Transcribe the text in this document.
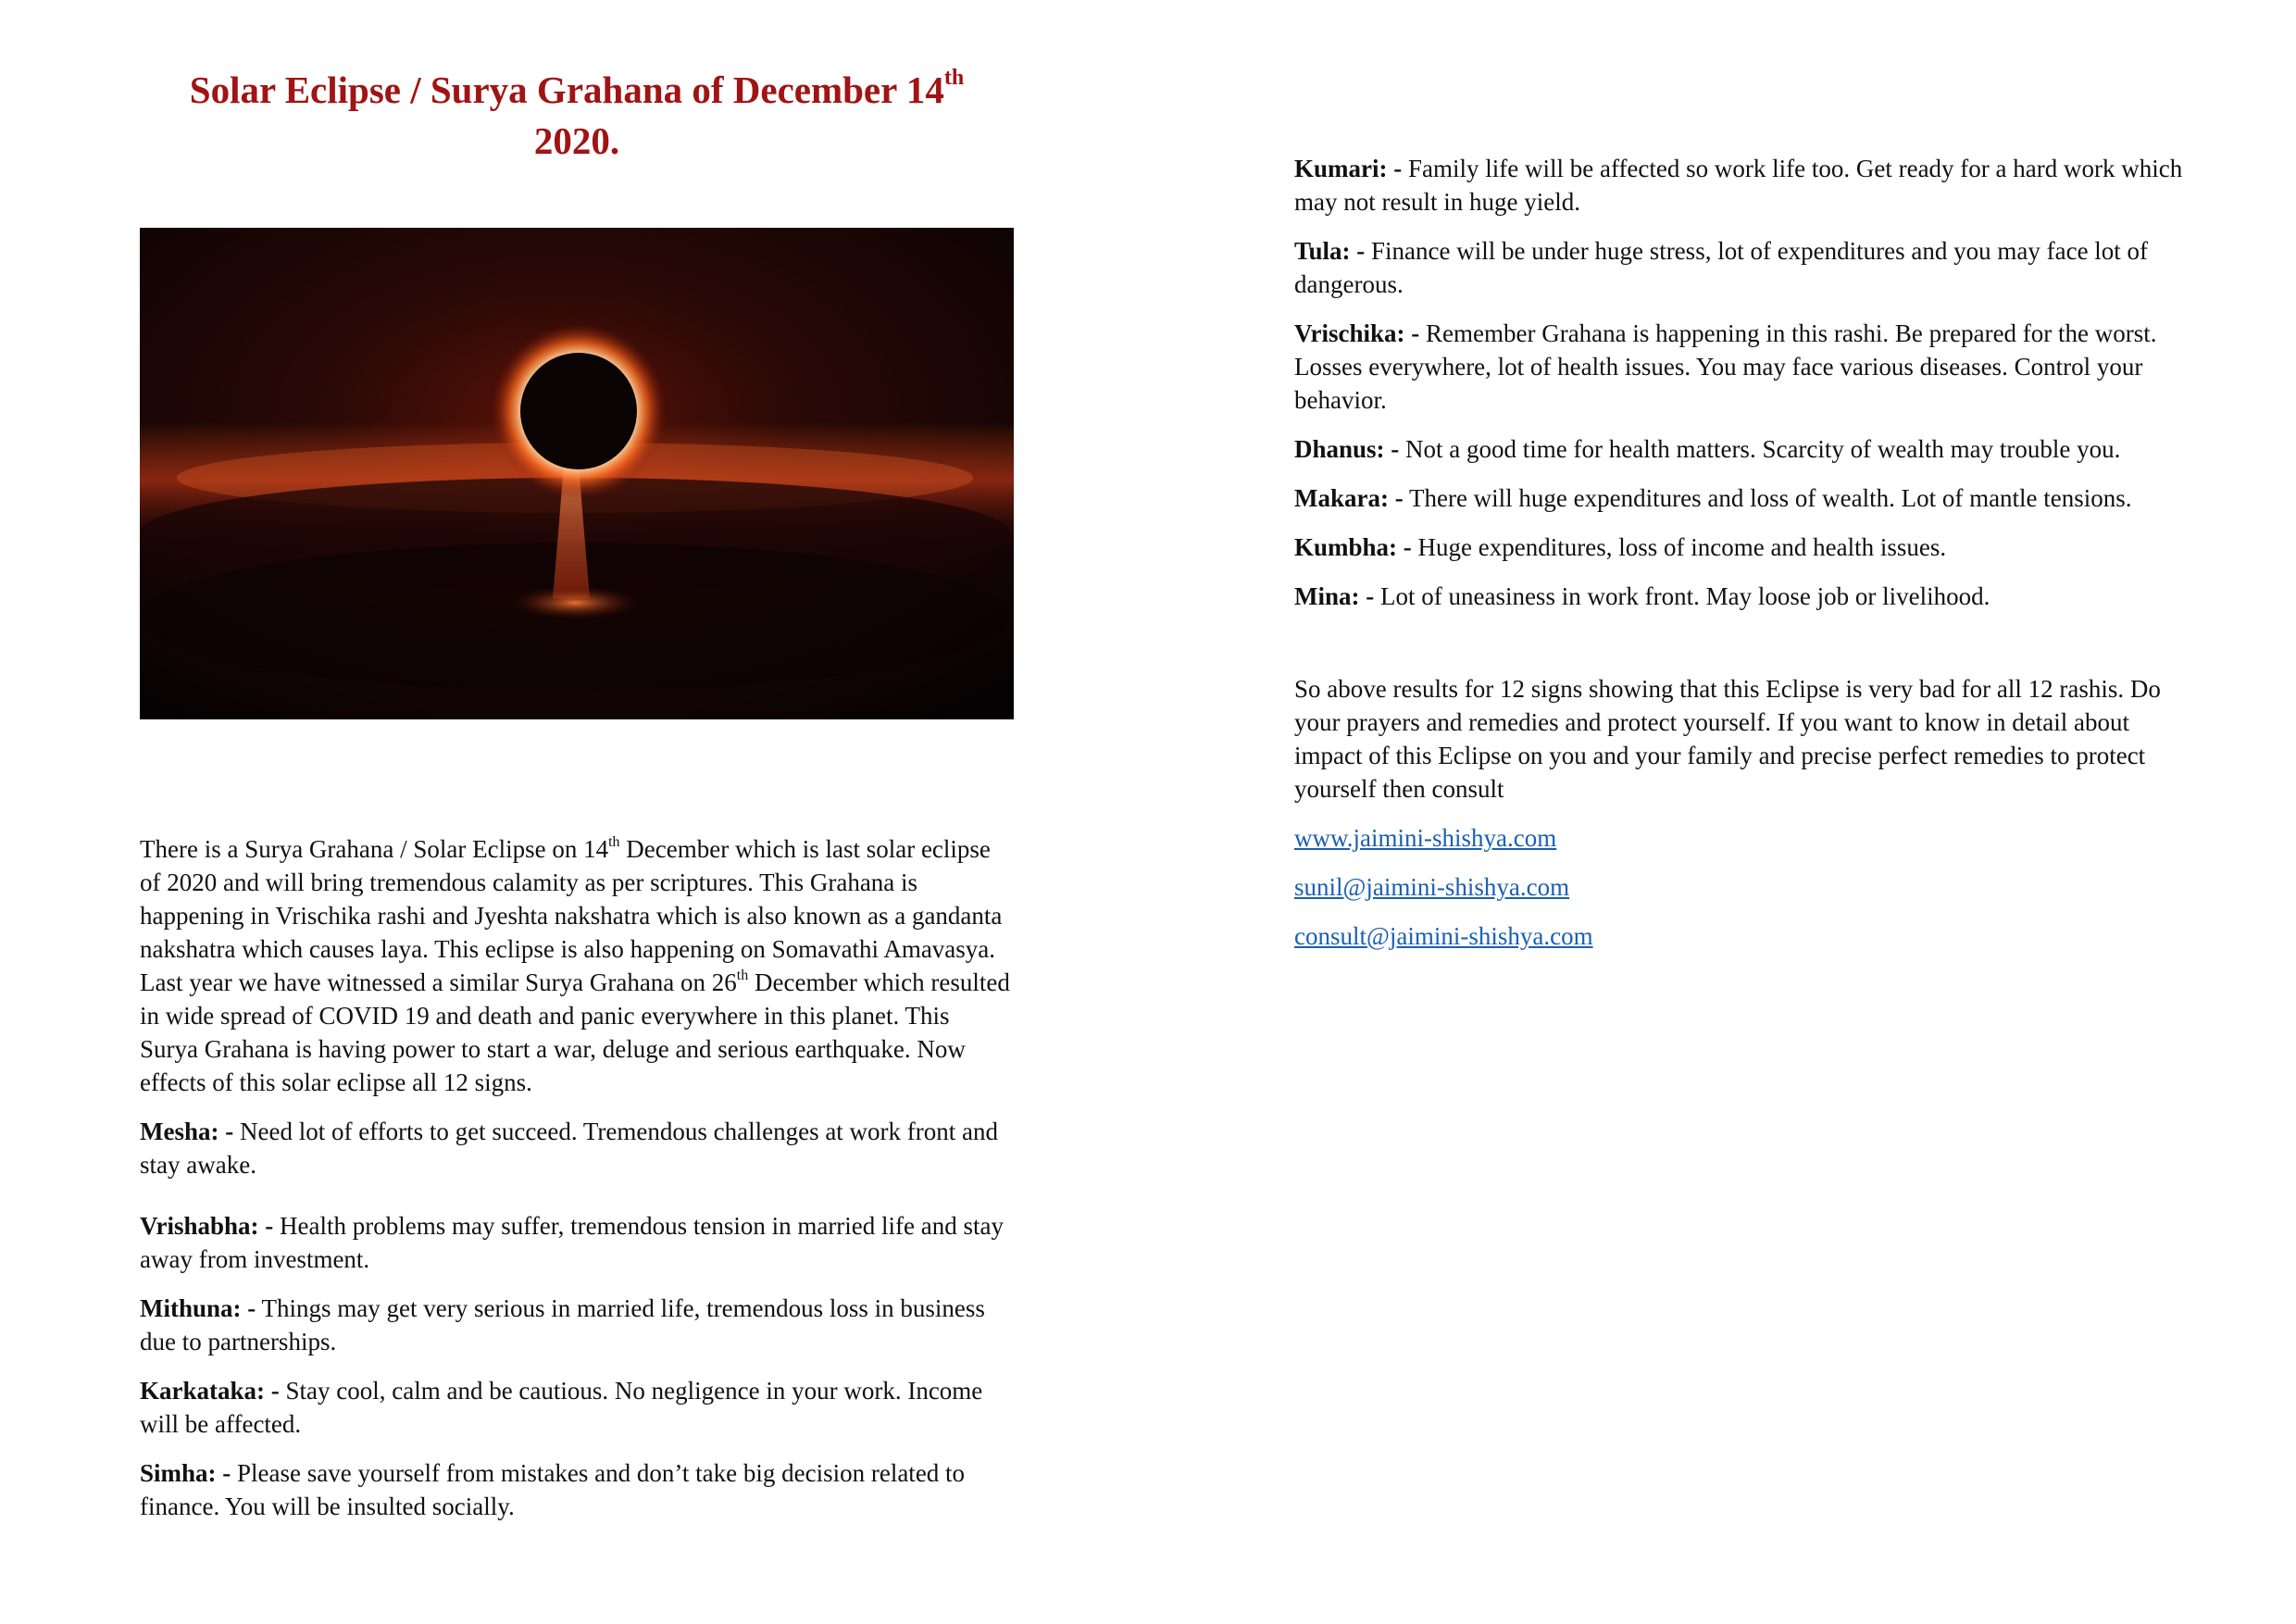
Solar Eclipse / Surya Grahana of December 14th
2020.

There is a Surya Grahana / Solar Eclipse on 14th December which is last solar eclipse of 2020 and will bring tremendous calamity as per scriptures. This Grahana is happening in Vrischika rashi and Jyeshta nakshatra which is also known as a gandanta nakshatra which causes laya. This eclipse is also happening on Somavathi Amavasya. Last year we have witnessed a similar Surya Grahana on 26th December which resulted in wide spread of COVID 19 and death and panic everywhere in this planet. This Surya Grahana is having power to start a war, deluge and serious earthquake. Now effects of this solar eclipse all 12 signs.

Mesha: - Need lot of efforts to get succeed. Tremendous challenges at work front and stay awake.

Vrishabha: - Health problems may suffer, tremendous tension in married life and stay away from investment.

Mithuna: - Things may get very serious in married life, tremendous loss in business due to partnerships.

Karkataka: - Stay cool, calm and be cautious. No negligence in your work. Income will be affected.

Simha: - Please save yourself from mistakes and don’t take big decision related to finance. You will be insulted socially.

Kumari: - Family life will be affected so work life too. Get ready for a hard work which may not result in huge yield.

Tula: - Finance will be under huge stress, lot of expenditures and you may face lot of dangerous.

Vrischika: - Remember Grahana is happening in this rashi. Be prepared for the worst. Losses everywhere, lot of health issues. You may face various diseases. Control your behavior.

Dhanus: - Not a good time for health matters. Scarcity of wealth may trouble you.

Makara: - There will huge expenditures and loss of wealth. Lot of mantle tensions.

Kumbha: - Huge expenditures, loss of income and health issues.

Mina: - Lot of uneasiness in work front. May loose job or livelihood.

So above results for 12 signs showing that this Eclipse is very bad for all 12 rashis. Do your prayers and remedies and protect yourself. If you want to know in detail about impact of this Eclipse on you and your family and precise perfect remedies to protect yourself then consult

www.jaimini-shishya.com
sunil@jaimini-shishya.com
consult@jaimini-shishya.com
